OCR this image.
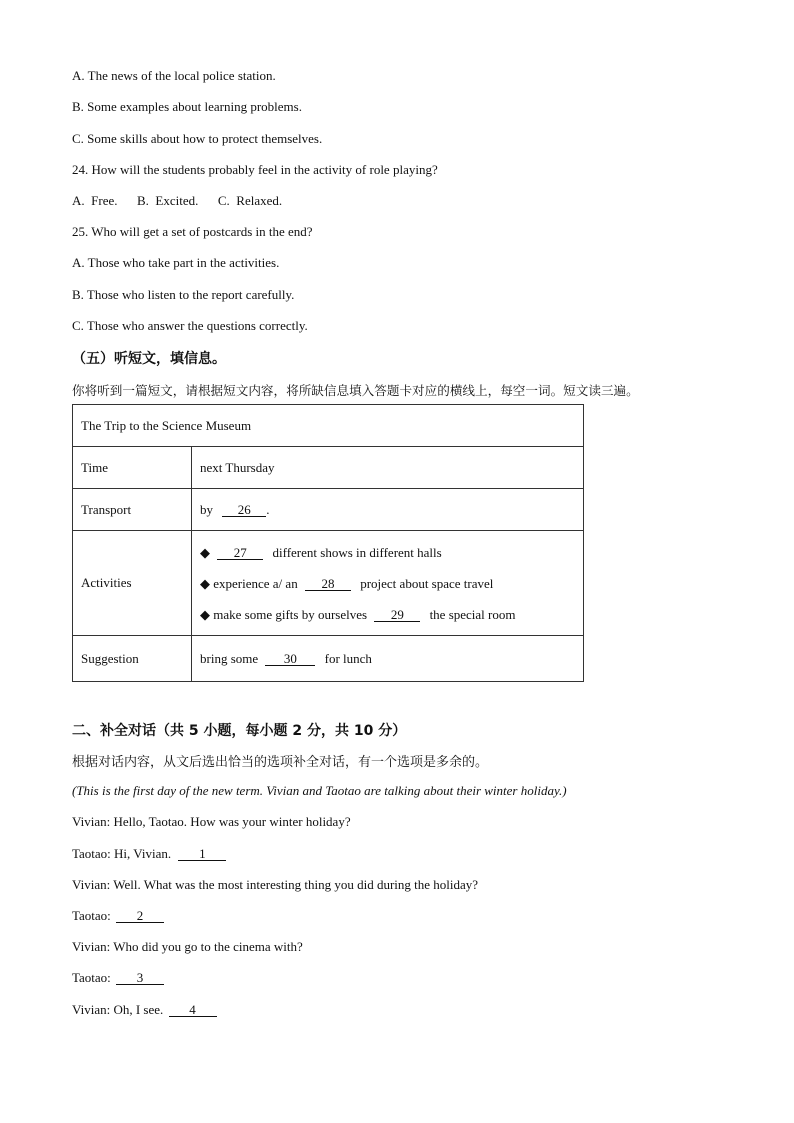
A. The news of the local police station.
B. Some examples about learning problems.
C. Some skills about how to protect themselves.
24. How will the students probably feel in the activity of role playing?
A.  Free.      B.  Excited.      C.  Relaxed.
25. Who will get a set of postcards in the end?
A. Those who take part in the activities.
B. Those who listen to the report carefully.
C. Those who answer the questions correctly.
（五）听短文，填信息。
你将听到一篇短文，请根据短文内容，将所缺信息填入答题卡对应的横线上，每空一词。短文读三遍。
The Trip to the Science Museum	
Time	next Thursday
Transport	by 26 .
Activities	◆ 27 different shows in different halls
◆ experience a/ an 28 project about space travel
◆ make some gifts by ourselves 29 the special room

Suggestion	bring some 30 for lunch
二、补全对话（共 5 小题，每小题 2 分，共 10 分）
根据对话内容，从文后选出恰当的选项补全对话，有一个选项是多余的。
(This is the first day of the new term. Vivian and Taotao are talking about their winter holiday.)
Vivian: Hello, Taotao. How was your winter holiday?
Taotao: Hi, Vivian. 1
Vivian: Well. What was the most interesting thing you did during the holiday?
Taotao: 2
Vivian: Who did you go to the cinema with?
Taotao: 3
Vivian: Oh, I see. 4
